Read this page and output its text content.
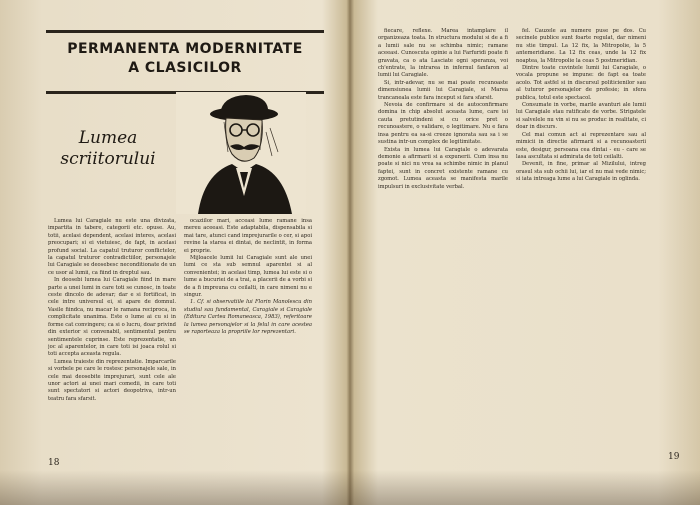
PERMANENTA MODERNITATE
A CLASICILOR
Lumea
scriitorului

Lumea lui Caragiale nu este una divizata, impartita in tabere, categorii etc. opuse. Au, totii, acelasi dependent, acelasi interes, acelasi preocupari; si ei vietuiesc, de fapt, in acelasi profund social. La capatul truturor conflictelor, la capatul truturor contradictiilor, personajele lui Caragiale se deosebesc neconditionate de un ce usor al lumii, ca fiind in dreptul sau.

In deosebi lumea lui Caragiale fiind in mare parte a unei lumi in care toti se cunosc, in toate ceste dincolo de adevar; dar e si fortificat, in cele intre universul ei, si apare de domnul. Vasile fiindca, nu macar le ramana reciproca, in complicitate unanima. Este o lume ai cu si in forme cat convingere; ca si o lucru, doar privind din exterior si convenabil, sentimentul pentru sentimentele cuprinse. Este reprezentatie, un joc al aparentelor, in care toti isi joaca rolul si toti accepta aceasta regula.

Lumea traieste din reprezentatie. Imparcarile si vorbele pe care le rostesc personajele sale, in cele mai deosebite imprejurari, sunt cele ale unor actori ai unei mari comedii, in care toti sunt spectatori si actori deopotriva, intr-un teatru fara sfarsit.

ocaziilor mari, acceasi lume ramane insa mereu aceeasi. Este adaptabila, dispensabila si mai tare, atunci cand imprejurarile o cer, si apoi revine la starea ei dintai, de neclintit, in forma ei proprie.

Mijloacele lumii lui Caragiale sunt ale unei lumi ce sta sub semnul aparentei si al convenientei; in acelasi timp, lumea lui este si o lume a bucuriei de a trai, a placerii de a vorbi si de a fi impreuna cu ceilalti, in care nimeni nu e singur.

1. Cf. si observatiile lui Florin Manolescu din studiul sau fundamental, Caragiale si Caragiale (Editura Cartea Romaneasca, 1983), referitoare la lumea personajelor si la felul in care acestea se raporteaza la propriile lor reprezentari.

18

fiecare, reflexe. Marea intamplare il organizeaza toata. In structura modului si de a fi a lumii sale nu se schimba nimic; ramane aceeasi. Cunoscuta opinie a lui Farfuridi poate fi gravata, ca o ata Lasciate ogni speranza, voi ch'entrate, la intrarea in infernul fanfaron al lumii lui Caragiale.

Si, intr-adevar, nu se mai poate recunoaste dimensiunea lumii lui Caragiale, si Marea trancaneala este fara inceput si fara sfarsit.

Nevoia de confirmare si de autoconfirmare domina in chip absolut aceasta lume, care isi cauta pretutindeni si cu orice pret o recunoastere, o validare, o legitimare. Nu e fara insa pentru ea sa-si creeze ignorata sau sa i se sustina intr-un complex de legitimitate.

Exista in lumea lui Caragiale o adevarata demonie a afirmarii si a expunerii. Cum insa nu poate si nici nu vrea sa schimbe nimic in planul faptei, sunt in concret existente ramane cu zgomot. Lumea aceasta se manifesta marile impulsuri in exclusivitate verbal.

fel. Cauzele au numere puse pe dos. Cu secinele publice sunt foarte regulat, dar nimeni nu stie timpul. La 12 fix, la Mitropolie, la 5 antemeridiane. La 12 fix ceas, unde la 12 fix noaptea, la Mitropolie la ceas 5 postmeridian.

Dintre toate cuvintele lumii lui Caragiale, o vocala propune se impune: de fapt ea toate acolo. Tot astfel si in discursul politicienilor sau al tuturor personajelor de profesie; in sfera publica, totul este spectacol.

Consumate in vorbe, marile avanturi ale lumii lui Caragiale stau ratificate de vorbe. Strigatele si salvelele nu vin si nu se produc in realitate, ci doar in discurs.

Cel mai comun act ai reprezentare sau al mimicii in directie afirmarii si a recunoasterii este, desigur, persoana cea dintai - eu - care se lasa ascultata si admirata de toti ceilalti.

Devenit, in fine, primar al Mizilului, intreg orasul sta sub ochii lui, iar el nu mai vede nimic; si iata intreaga lume a lui Caragiale in oglinda.

19
